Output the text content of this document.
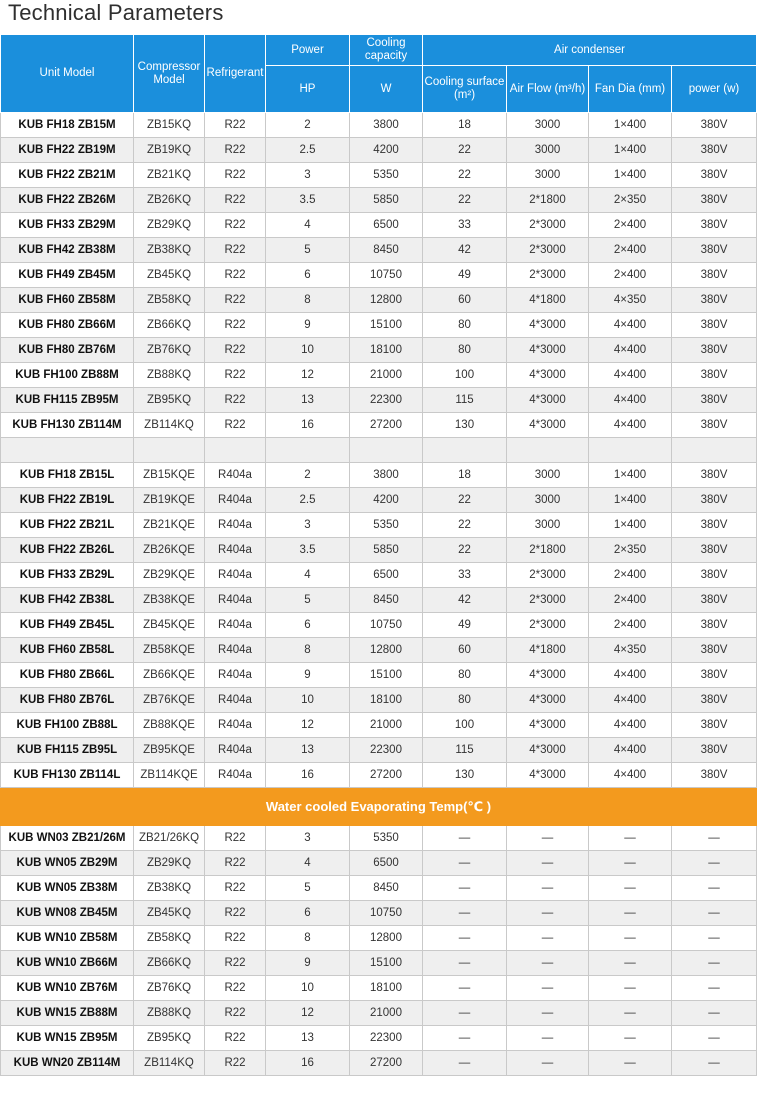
Technical Parameters
Unit Model	Compressor Model	Refrigerant	Power	Cooling capacity	Air condenser			
			HP	W	Cooling surface (m²)	Air Flow (m³/h)	Fan Dia (mm)	power (w)
KUB FH18 ZB15M	ZB15KQ	R22	2	3800	18	3000	1×400	380V
KUB FH22 ZB19M	ZB19KQ	R22	2.5	4200	22	3000	1×400	380V
KUB FH22 ZB21M	ZB21KQ	R22	3	5350	22	3000	1×400	380V
KUB FH22 ZB26M	ZB26KQ	R22	3.5	5850	22	2*1800	2×350	380V
KUB FH33 ZB29M	ZB29KQ	R22	4	6500	33	2*3000	2×400	380V
KUB FH42 ZB38M	ZB38KQ	R22	5	8450	42	2*3000	2×400	380V
KUB FH49 ZB45M	ZB45KQ	R22	6	10750	49	2*3000	2×400	380V
KUB FH60 ZB58M	ZB58KQ	R22	8	12800	60	4*1800	4×350	380V
KUB FH80 ZB66M	ZB66KQ	R22	9	15100	80	4*3000	4×400	380V
KUB FH80 ZB76M	ZB76KQ	R22	10	18100	80	4*3000	4×400	380V
KUB FH100 ZB88M	ZB88KQ	R22	12	21000	100	4*3000	4×400	380V
KUB FH115 ZB95M	ZB95KQ	R22	13	22300	115	4*3000	4×400	380V
KUB FH130 ZB114M	ZB114KQ	R22	16	27200	130	4*3000	4×400	380V

KUB FH18 ZB15L	ZB15KQE	R404a	2	3800	18	3000	1×400	380V
KUB FH22 ZB19L	ZB19KQE	R404a	2.5	4200	22	3000	1×400	380V
KUB FH22 ZB21L	ZB21KQE	R404a	3	5350	22	3000	1×400	380V
KUB FH22 ZB26L	ZB26KQE	R404a	3.5	5850	22	2*1800	2×350	380V
KUB FH33 ZB29L	ZB29KQE	R404a	4	6500	33	2*3000	2×400	380V
KUB FH42 ZB38L	ZB38KQE	R404a	5	8450	42	2*3000	2×400	380V
KUB FH49 ZB45L	ZB45KQE	R404a	6	10750	49	2*3000	2×400	380V
KUB FH60 ZB58L	ZB58KQE	R404a	8	12800	60	4*1800	4×350	380V
KUB FH80 ZB66L	ZB66KQE	R404a	9	15100	80	4*3000	4×400	380V
KUB FH80 ZB76L	ZB76KQE	R404a	10	18100	80	4*3000	4×400	380V
KUB FH100 ZB88L	ZB88KQE	R404a	12	21000	100	4*3000	4×400	380V
KUB FH115 ZB95L	ZB95KQE	R404a	13	22300	115	4*3000	4×400	380V
KUB FH130 ZB114L	ZB114KQE	R404a	16	27200	130	4*3000	4×400	380V
Water cooled Evaporating Temp(℃ )								
KUB WN03 ZB21/26M	ZB21/26KQ	R22	3	5350	—	—	—	—
KUB WN05 ZB29M	ZB29KQ	R22	4	6500	—	—	—	—
KUB WN05 ZB38M	ZB38KQ	R22	5	8450	—	—	—	—
KUB WN08 ZB45M	ZB45KQ	R22	6	10750	—	—	—	—
KUB WN10 ZB58M	ZB58KQ	R22	8	12800	—	—	—	—
KUB WN10 ZB66M	ZB66KQ	R22	9	15100	—	—	—	—
KUB WN10 ZB76M	ZB76KQ	R22	10	18100	—	—	—	—
KUB WN15 ZB88M	ZB88KQ	R22	12	21000	—	—	—	—
KUB WN15 ZB95M	ZB95KQ	R22	13	22300	—	—	—	—
KUB WN20 ZB114M	ZB114KQ	R22	16	27200	—	—	—	—
